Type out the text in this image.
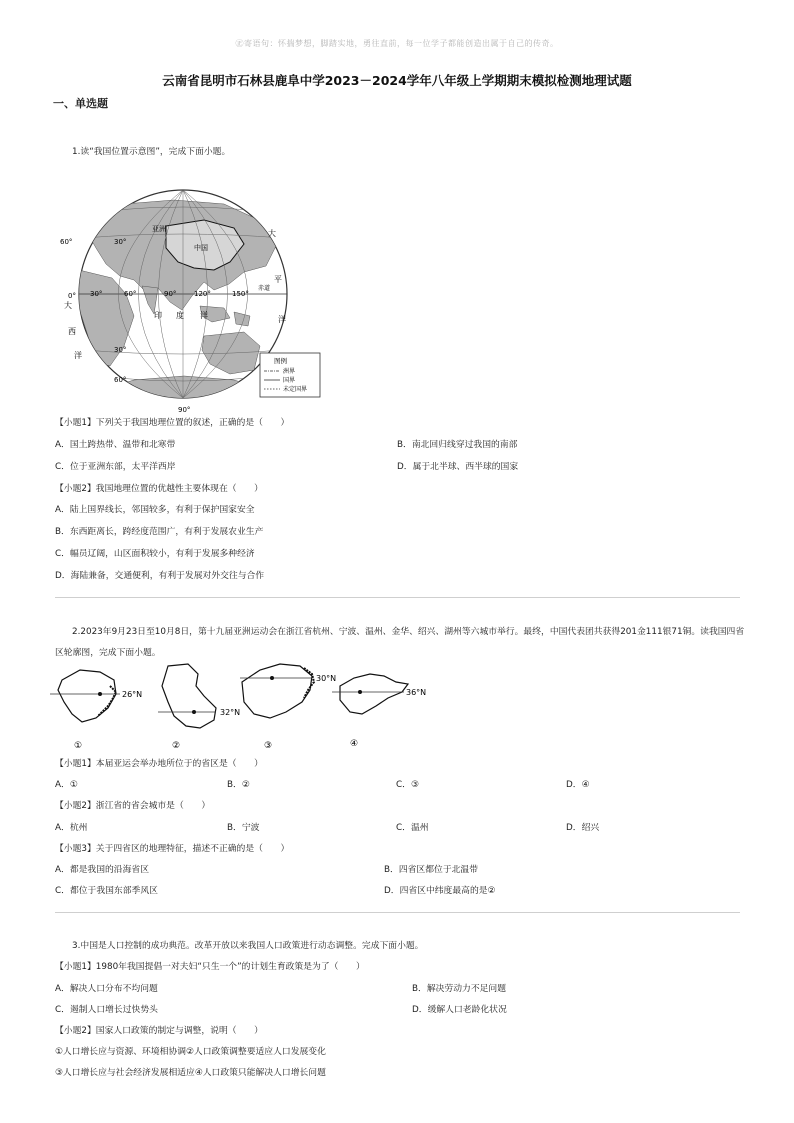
㊣寄语句：怀揣梦想，脚踏实地，勇往直前，每一位学子都能创造出属于自己的传奇。
云南省昆明市石林县鹿阜中学2023－2024学年八年级上学期期末模拟检测地理试题
一、单选题
1.读“我国位置示意图”，完成下面小题。
60°
30°	60°	90°	120°	150°
0°
30°
30°
60°
90°
亚洲
中国
大
平
洋
印 度 洋
大
西
洋
赤道
图例
洲界
国界
未定国界
【小题1】下列关于我国地理位置的叙述，正确的是（　　）
A．国土跨热带、温带和北寒带	B．南北回归线穿过我国的南部
C．位于亚洲东部，太平洋西岸	D．属于北半球、西半球的国家
【小题2】我国地理位置的优越性主要体现在（　　）
A．陆上国界线长，邻国较多，有利于保护国家安全
B．东西距离长，跨经度范围广，有利于发展农业生产
C．幅员辽阔，山区面积较小，有利于发展多种经济
D．海陆兼备，交通便利，有利于发展对外交往与合作
2.2023年9月23日至10月8日，第十九届亚洲运动会在浙江省杭州、宁波、温州、金华、绍兴、湖州等六城市举行。最终，中国代表团共获得201金111银71铜。读我国四省区轮廓图，完成下面小题。
26°N
①
32°N
②
30°N
③
36°N
④
【小题1】本届亚运会举办地所位于的省区是（　　）
A．①	B．②	C．③	D．④
【小题2】浙江省的省会城市是（　　）
A．杭州	B．宁波	C．温州	D．绍兴
【小题3】关于四省区的地理特征，描述不正确的是（　　）
A．都是我国的沿海省区	B．四省区都位于北温带
C．都位于我国东部季风区	D．四省区中纬度最高的是②
3.中国是人口控制的成功典范。改革开放以来我国人口政策进行动态调整。完成下面小题。
【小题1】1980年我国提倡一对夫妇“只生一个”的计划生育政策是为了（　　）
A．解决人口分布不均问题	B．解决劳动力不足问题
C．遏制人口增长过快势头	D．缓解人口老龄化状况
【小题2】国家人口政策的制定与调整，说明（　　）
①人口增长应与资源、环境相协调②人口政策调整要适应人口发展变化
③人口增长应与社会经济发展相适应④人口政策只能解决人口增长问题
